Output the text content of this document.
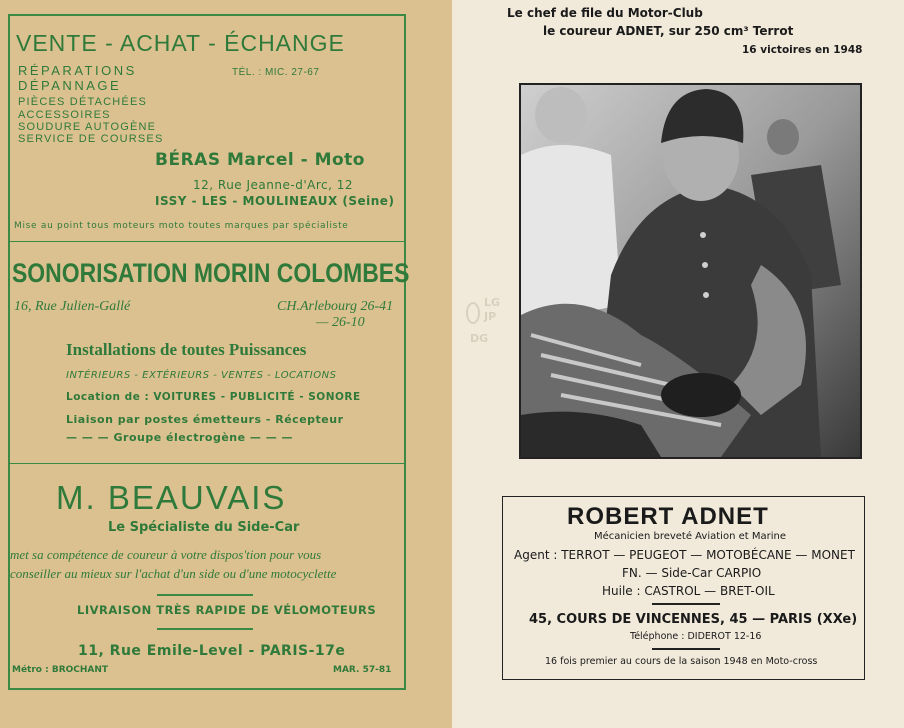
VENTE - ACHAT - ÉCHANGE
RÉPARATIONS
DÉPANNAGE
PIÈCES DÉTACHÉES
ACCESSOIRES
SOUDURE AUTOGÈNE
SERVICE DE COURSES
TÉL. : MIC. 27-67
BÉRAS Marcel - Moto
12, Rue Jeanne-d'Arc, 12
ISSY - LES - MOULINEAUX (Seine)
Mise au point tous moteurs moto toutes marques par spécialiste
SONORISATION MORIN COLOMBES
16, Rue Julien-Gallé	CH.Arlebourg 26-41
— 26-10
Installations de toutes Puissances
INTÉRIEURS - EXTÉRIEURS - VENTES - LOCATIONS
Location de : VOITURES - PUBLICITÉ - SONORE
Liaison par postes émetteurs - Récepteur
— — — Groupe électrogène — — —
M. BEAUVAIS
Le Spécialiste du Side-Car
met sa compétence de coureur à votre dispos'tion pour vous
conseiller au mieux sur l'achat d'un side ou d'une motocyclette
LIVRAISON TRÈS RAPIDE DE VÉLOMOTEURS
11, Rue Emile-Level - PARIS-17e
Métro : BROCHANT	MAR. 57-81
LG
JP
DG
Le chef de file du Motor-Club
le coureur ADNET, sur 250 cm³ Terrot
16 victoires en 1948
ROBERT ADNET
Mécanicien breveté Aviation et Marine
Agent : TERROT — PEUGEOT — MOTOBÉCANE — MONET
FN. — Side-Car CARPIO
Huile : CASTROL — BRET-OIL
45, COURS DE VINCENNES, 45 — PARIS (XXe)
Téléphone : DIDEROT 12-16
16 fois premier au cours de la saison 1948 en Moto-cross
